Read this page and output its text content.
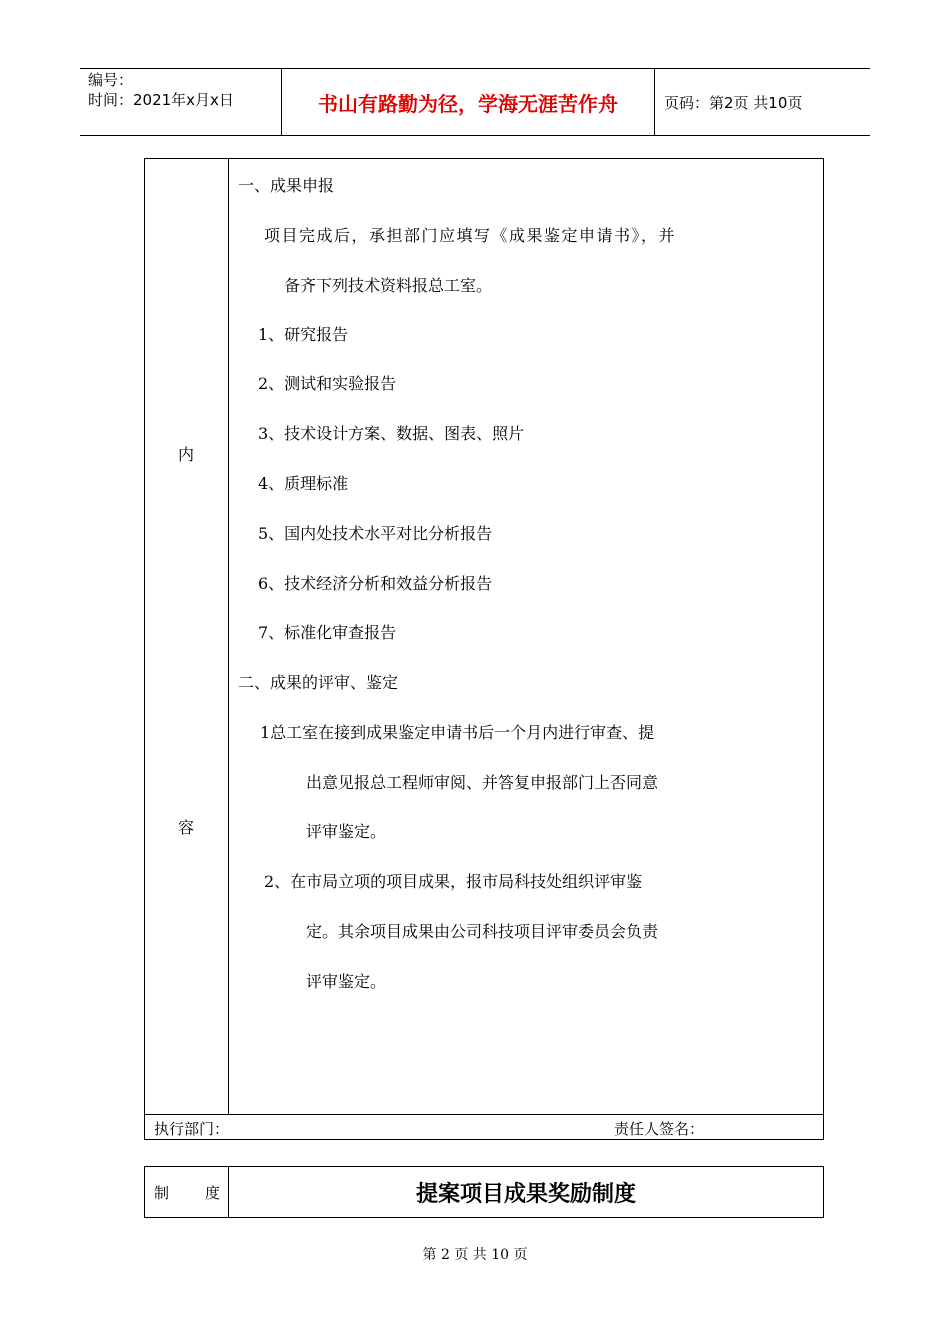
编号：
时间：2021年x月x日	书山有路勤为径，学海无涯苦作舟	页码：第2页 共10页
内
容
一、成果申报
项目完成后，承担部门应填写《成果鉴定申请书》，并
备齐下列技术资料报总工室。
1、研究报告
2、测试和实验报告
3、技术设计方案、数据、图表、照片
4、质理标准
5、国内处技术水平对比分析报告
6、技术经济分析和效益分析报告
7、标准化审查报告
二、成果的评审、鉴定
1总工室在接到成果鉴定申请书后一个月内进行审查、提
出意见报总工程师审阅、并答复申报部门上否同意
评审鉴定。
2、在市局立项的项目成果，报市局科技处组织评审鉴
定。其余项目成果由公司科技项目评审委员会负责
评审鉴定。
执行部门：	责任人签名：
制 度	提案项目成果奖励制度
第 2 页 共 10 页
